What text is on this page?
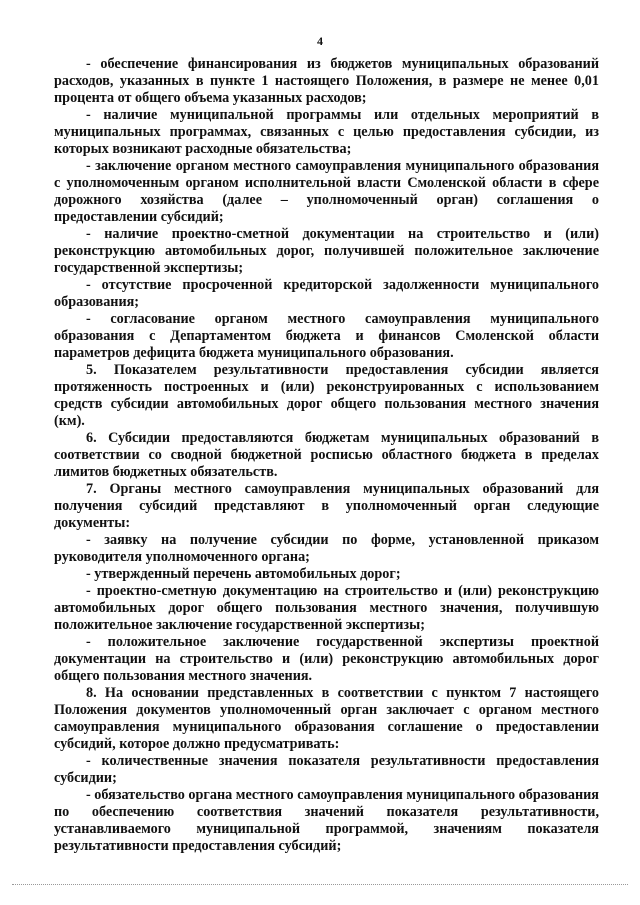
4

- обеспечение финансирования из бюджетов муниципальных образований расходов, указанных в пункте 1 настоящего Положения, в размере не менее 0,01 процента от общего объема указанных расходов;

- наличие муниципальной программы или отдельных мероприятий в муниципальных программах, связанных с целью предоставления субсидии, из которых возникают расходные обязательства;

- заключение органом местного самоуправления муниципального образования с уполномоченным органом исполнительной власти Смоленской области в сфере дорожного хозяйства (далее – уполномоченный орган) соглашения о предоставлении субсидий;

- наличие проектно-сметной документации на строительство и (или) реконструкцию автомобильных дорог, получившей положительное заключение государственной экспертизы;

- отсутствие просроченной кредиторской задолженности муниципального образования;

- согласование органом местного самоуправления муниципального образования с Департаментом бюджета и финансов Смоленской области параметров дефицита бюджета муниципального образования.

5. Показателем результативности предоставления субсидии является протяженность построенных и (или) реконструированных с использованием средств субсидии автомобильных дорог общего пользования местного значения (км).

6. Субсидии предоставляются бюджетам муниципальных образований в соответствии со сводной бюджетной росписью областного бюджета в пределах лимитов бюджетных обязательств.

7. Органы местного самоуправления муниципальных образований для получения субсидий представляют в уполномоченный орган следующие документы:

- заявку на получение субсидии по форме, установленной приказом руководителя уполномоченного органа;

- утвержденный перечень автомобильных дорог;

- проектно-сметную документацию на строительство и (или) реконструкцию автомобильных дорог общего пользования местного значения, получившую положительное заключение государственной экспертизы;

- положительное заключение государственной экспертизы проектной документации на строительство и (или) реконструкцию автомобильных дорог общего пользования местного значения.

8. На основании представленных в соответствии с пунктом 7 настоящего Положения документов уполномоченный орган заключает с органом местного самоуправления муниципального образования соглашение о предоставлении субсидий, которое должно предусматривать:

- количественные значения показателя результативности предоставления субсидии;

- обязательство органа местного самоуправления муниципального образования по обеспечению соответствия значений показателя результативности, устанавливаемого муниципальной программой, значениям показателя результативности предоставления субсидий;
